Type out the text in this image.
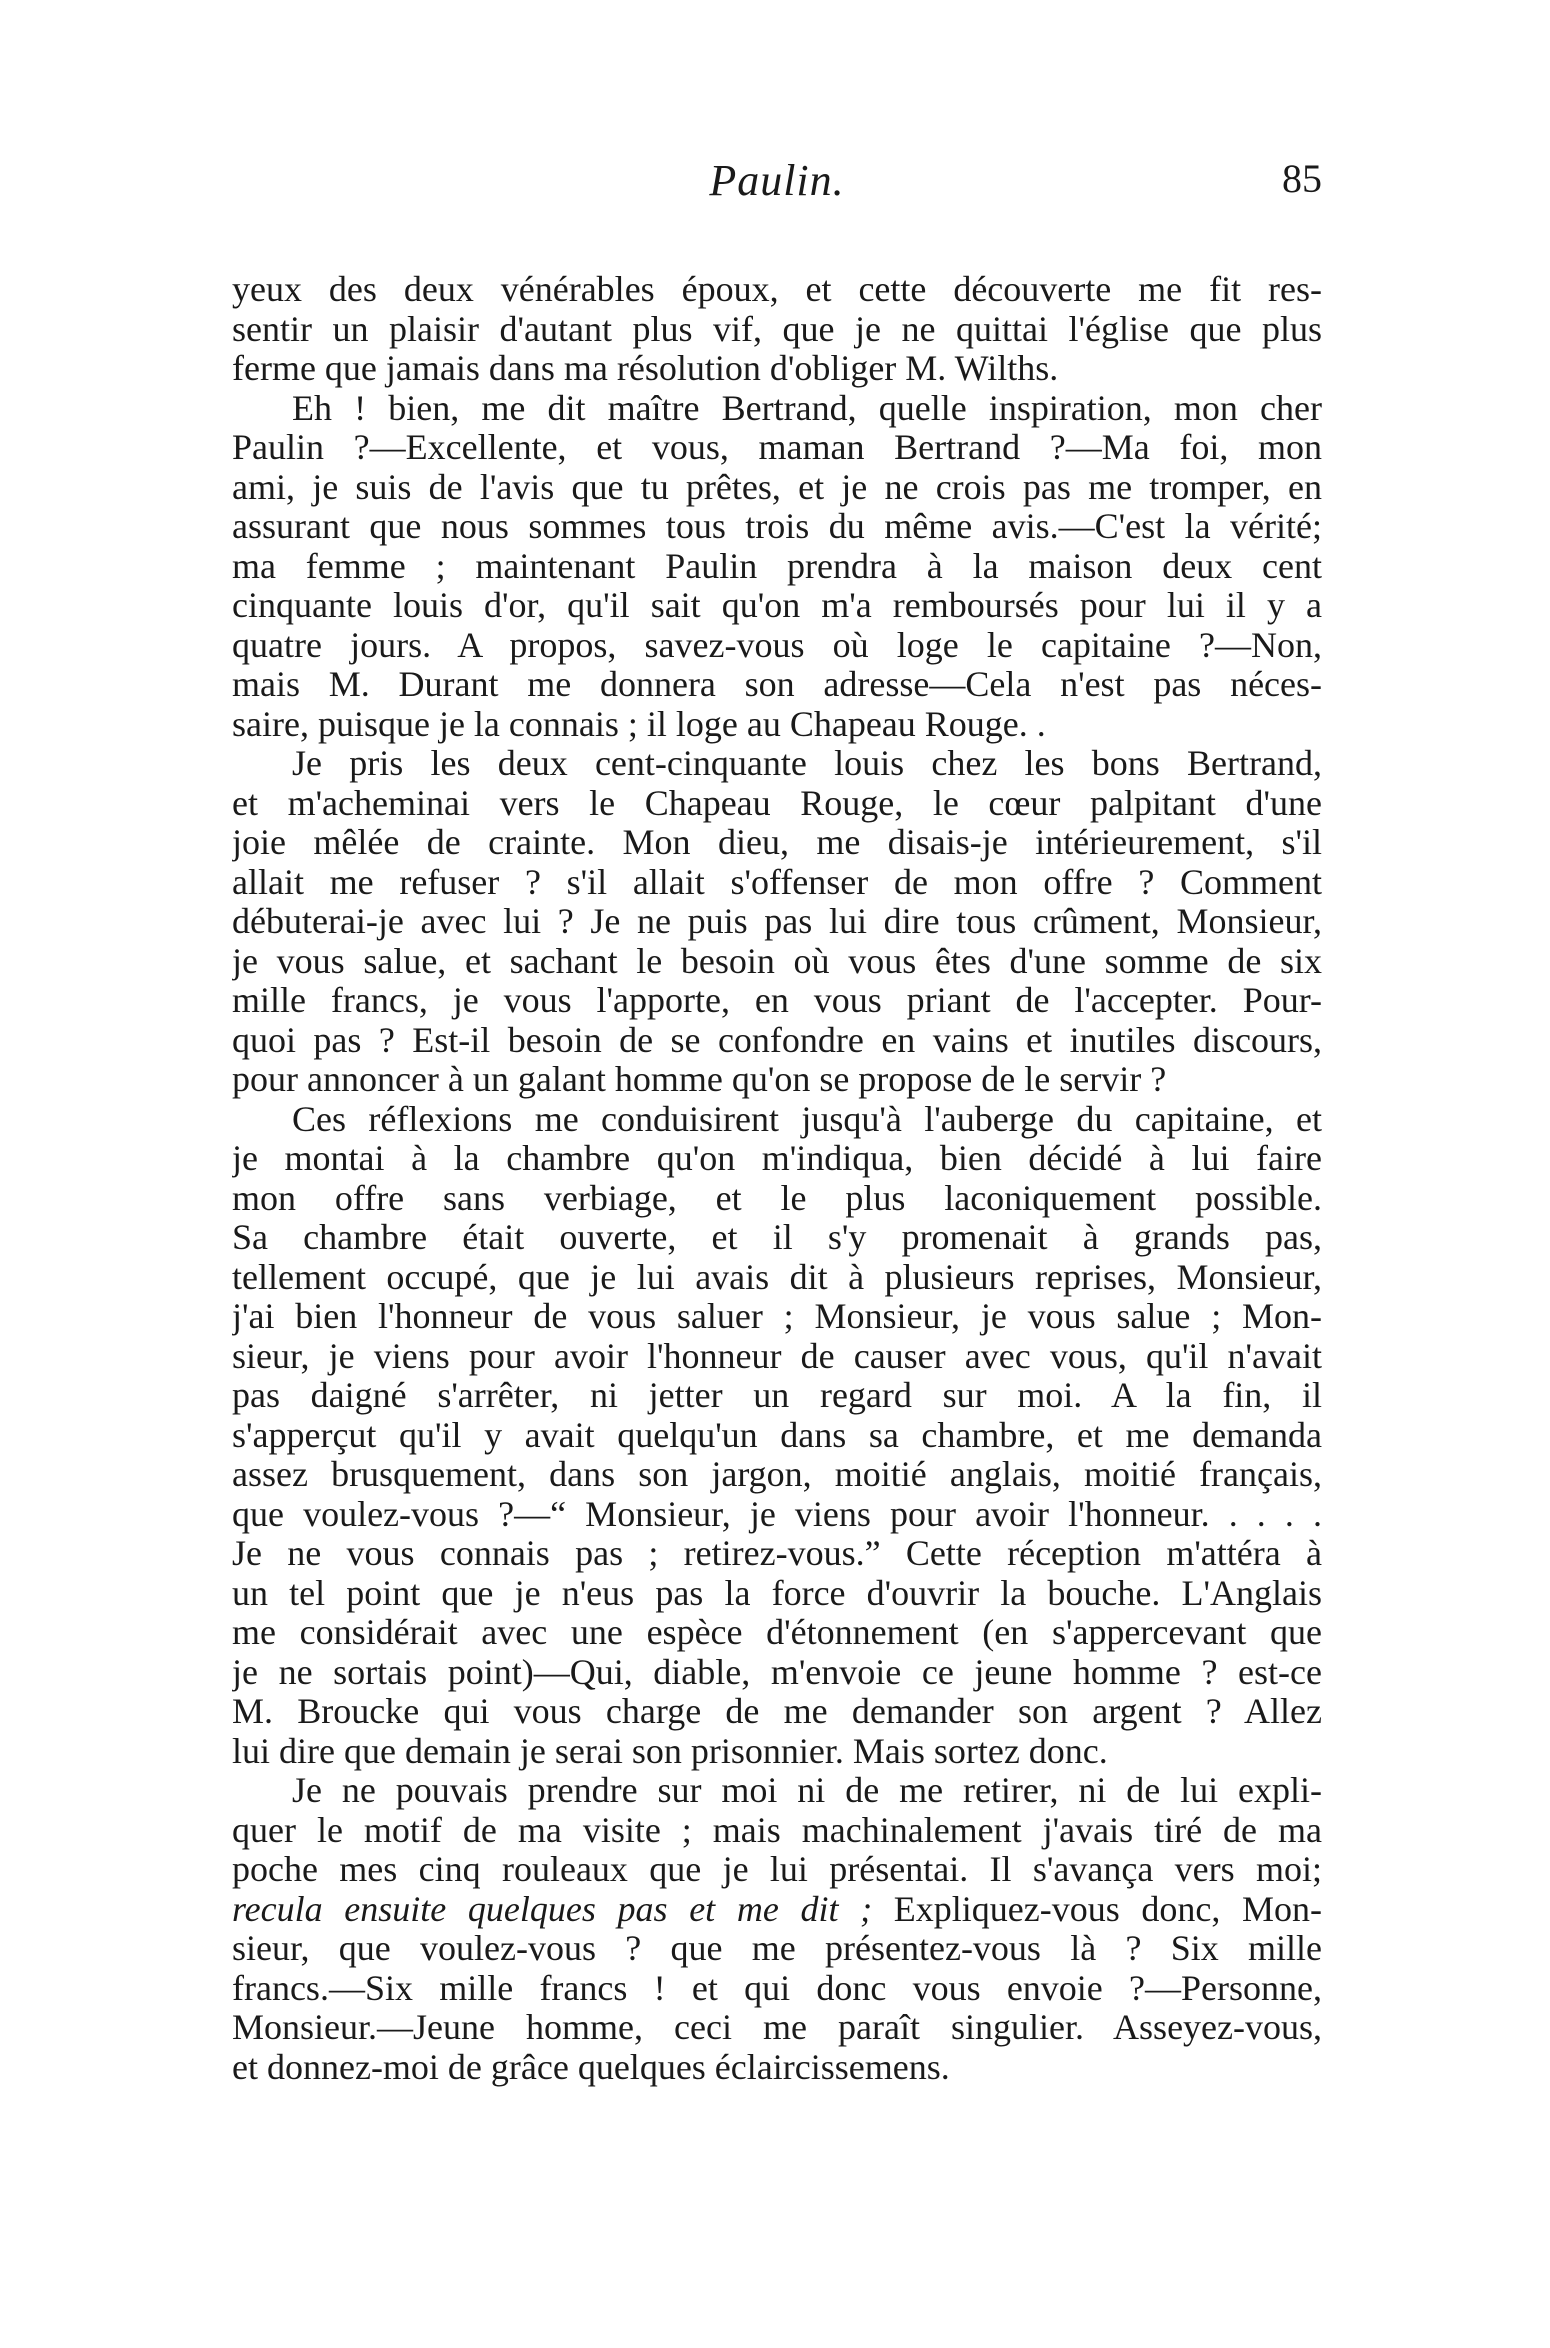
Paulin.	85
yeux des deux vénérables époux, et cette découverte me fit res-
sentir un plaisir d'autant plus vif, que je ne quittai l'église que plus
ferme que jamais dans ma résolution d'obliger M. Wilths.
Eh ! bien, me dit maître Bertrand, quelle inspiration, mon cher
Paulin ?—Excellente, et vous, maman Bertrand ?—Ma foi, mon
ami, je suis de l'avis que tu prêtes, et je ne crois pas me tromper, en
assurant que nous sommes tous trois du même avis.—C'est la vérité;
ma femme ; maintenant Paulin prendra à la maison deux cent
cinquante louis d'or, qu'il sait qu'on m'a remboursés pour lui il y a
quatre jours. A propos, savez-vous où loge le capitaine ?—Non,
mais M. Durant me donnera son adresse—Cela n'est pas néces-
saire, puisque je la connais ; il loge au Chapeau Rouge. .
Je pris les deux cent-cinquante louis chez les bons Bertrand,
et m'acheminai vers le Chapeau Rouge, le cœur palpitant d'une
joie mêlée de crainte. Mon dieu, me disais-je intérieurement, s'il
allait me refuser ? s'il allait s'offenser de mon offre ? Comment
débuterai-je avec lui ? Je ne puis pas lui dire tous crûment, Monsieur,
je vous salue, et sachant le besoin où vous êtes d'une somme de six
mille francs, je vous l'apporte, en vous priant de l'accepter. Pour-
quoi pas ? Est-il besoin de se confondre en vains et inutiles discours,
pour annoncer à un galant homme qu'on se propose de le servir ?
Ces réflexions me conduisirent jusqu'à l'auberge du capitaine, et
je montai à la chambre qu'on m'indiqua, bien décidé à lui faire
mon offre sans verbiage, et le plus laconiquement possible.
Sa chambre était ouverte, et il s'y promenait à grands pas,
tellement occupé, que je lui avais dit à plusieurs reprises, Monsieur,
j'ai bien l'honneur de vous saluer ; Monsieur, je vous salue ; Mon-
sieur, je viens pour avoir l'honneur de causer avec vous, qu'il n'avait
pas daigné s'arrêter, ni jetter un regard sur moi. A la fin, il
s'apperçut qu'il y avait quelqu'un dans sa chambre, et me demanda
assez brusquement, dans son jargon, moitié anglais, moitié français,
que voulez-vous ?—“ Monsieur, je viens pour avoir l'honneur. . . . .
Je ne vous connais pas ; retirez-vous.” Cette réception m'attéra à
un tel point que je n'eus pas la force d'ouvrir la bouche. L'Anglais
me considérait avec une espèce d'étonnement (en s'appercevant que
je ne sortais point)—Qui, diable, m'envoie ce jeune homme ? est-ce
M. Broucke qui vous charge de me demander son argent ? Allez
lui dire que demain je serai son prisonnier. Mais sortez donc.
Je ne pouvais prendre sur moi ni de me retirer, ni de lui expli-
quer le motif de ma visite ; mais machinalement j'avais tiré de ma
poche mes cinq rouleaux que je lui présentai. Il s'avança vers moi;
recula ensuite quelques pas et me dit ; Expliquez-vous donc, Mon-
sieur, que voulez-vous ? que me présentez-vous là ? Six mille
francs.—Six mille francs ! et qui donc vous envoie ?—Personne,
Monsieur.—Jeune homme, ceci me paraît singulier. Asseyez-vous,
et donnez-moi de grâce quelques éclaircissemens.
